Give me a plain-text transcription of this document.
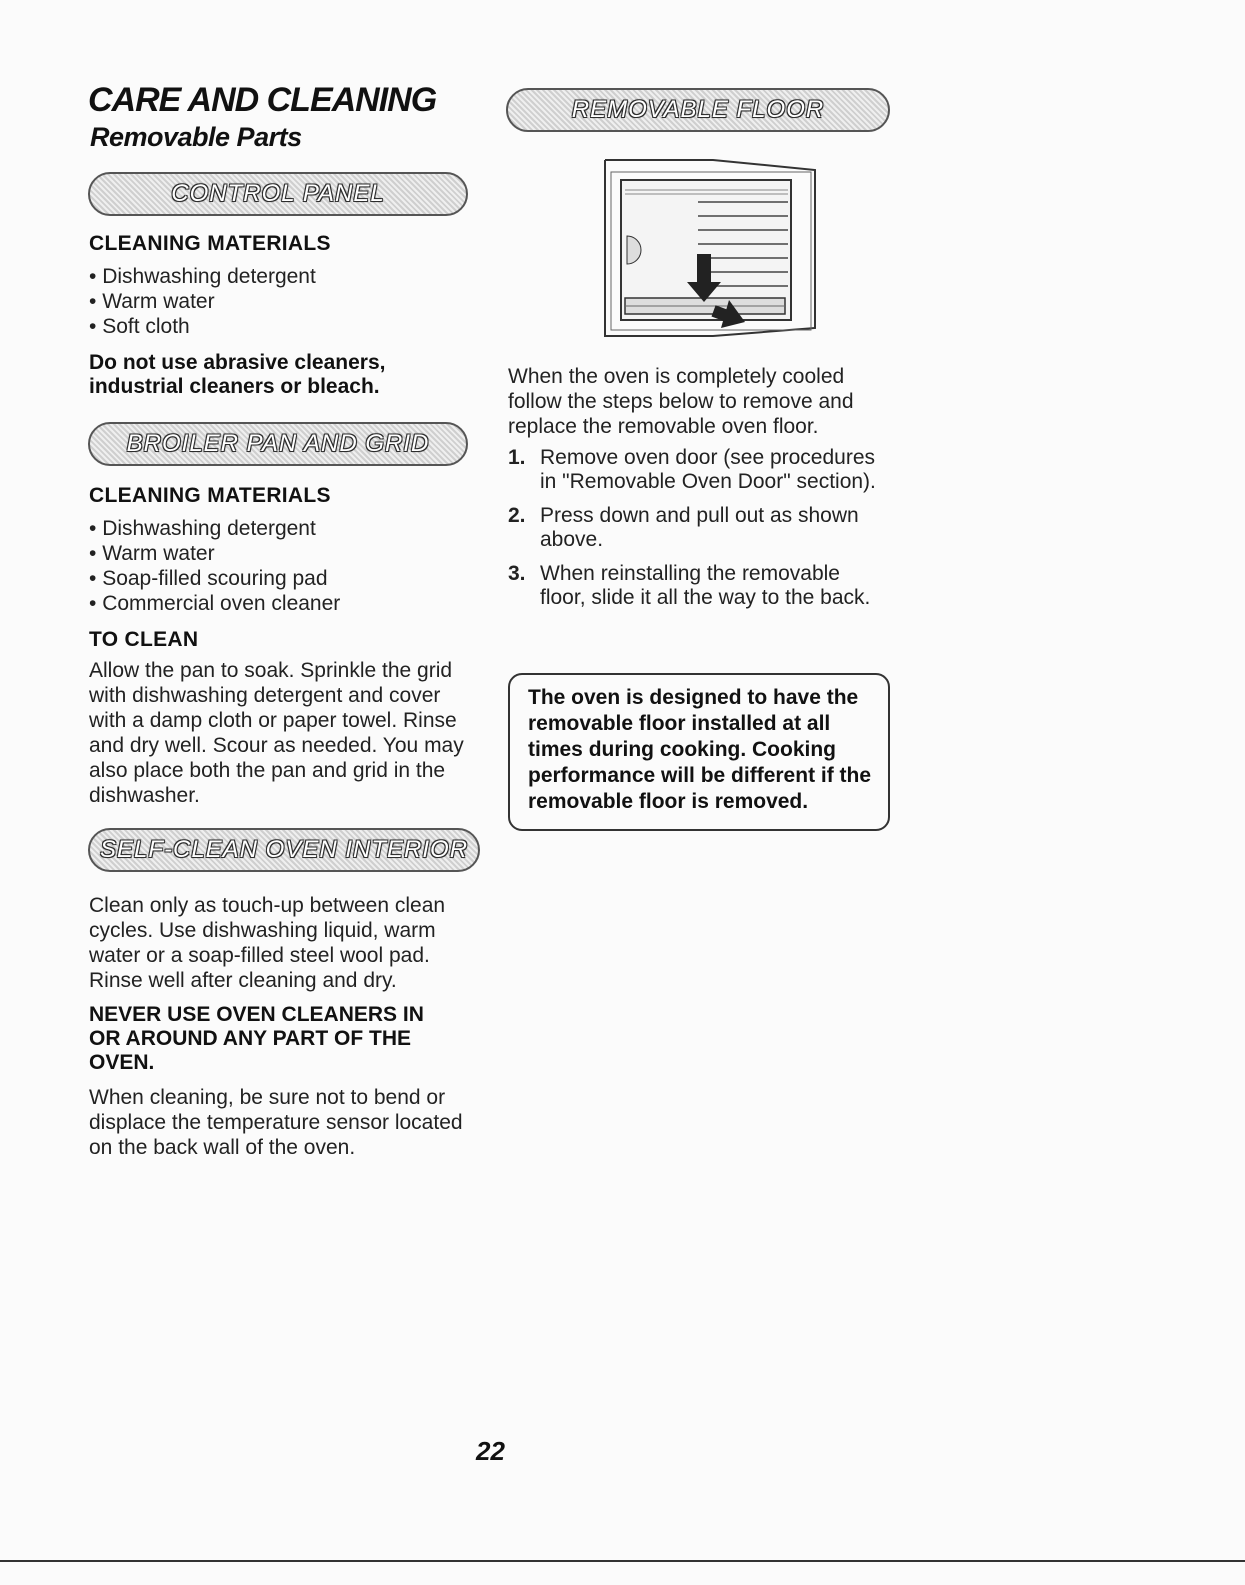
CARE AND CLEANING
Removable Parts
CONTROL PANEL

CLEANING MATERIALS

• Dishwashing detergent
• Warm water
• Soft cloth

Do not use abrasive cleaners, industrial cleaners or bleach.

BROILER PAN AND GRID

CLEANING MATERIALS

• Dishwashing detergent
• Warm water
• Soap-filled scouring pad
• Commercial oven cleaner

TO CLEAN

Allow the pan to soak. Sprinkle the grid with dishwashing detergent and cover with a damp cloth or paper towel. Rinse and dry well. Scour as needed. You may also place both the pan and grid in the dishwasher.

SELF-CLEAN OVEN INTERIOR

Clean only as touch-up between clean cycles. Use dishwashing liquid, warm water or a soap-filled steel wool pad. Rinse well after cleaning and dry.

NEVER USE OVEN CLEANERS IN OR AROUND ANY PART OF THE OVEN.

When cleaning, be sure not to bend or displace the temperature sensor located on the back wall of the oven.

REMOVABLE FLOOR

When the oven is completely cooled follow the steps below to remove and replace the removable oven floor.

1. Remove oven door (see procedures in "Removable Oven Door" section).
2. Press down and pull out as shown above.
3. When reinstalling the removable floor, slide it all the way to the back.
The oven is designed to have the removable floor installed at all times during cooking. Cooking performance will be different if the removable floor is removed.
22
